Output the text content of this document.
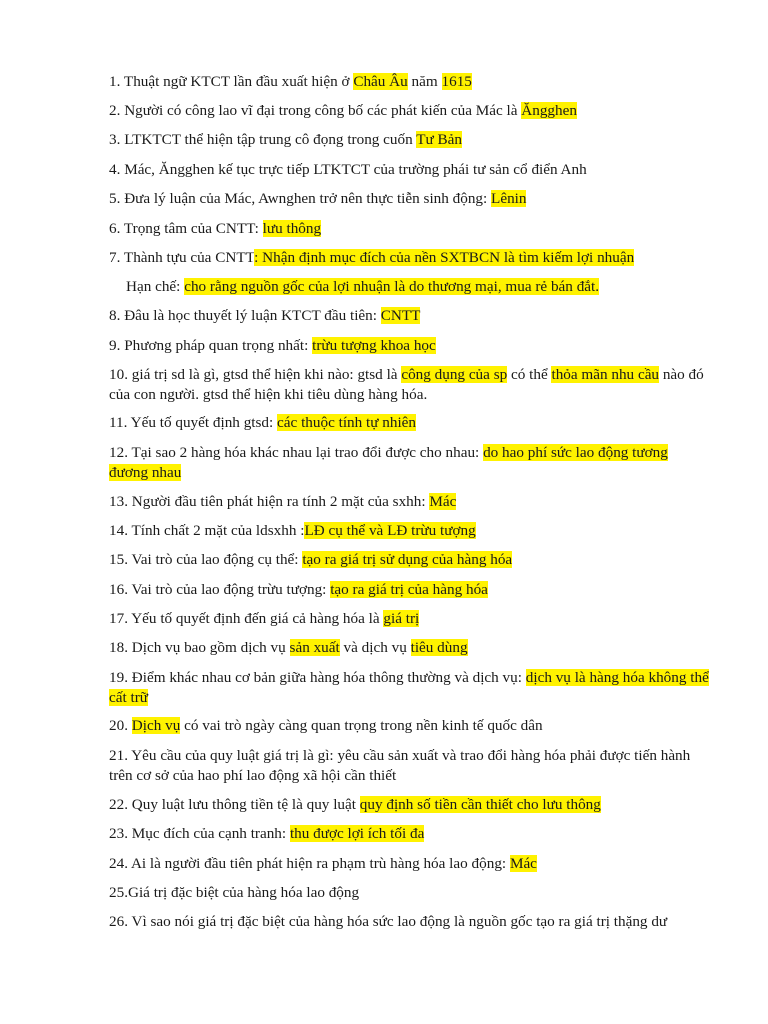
1. Thuật ngữ KTCT lần đầu xuất hiện ở Châu Âu năm 1615
2. Người có công lao vĩ đại trong công bố các phát kiến của Mác là Ăngghen
3. LTKTCT thể hiện tập trung cô đọng trong cuốn Tư Bản
4. Mác, Ăngghen kế tục trực tiếp LTKTCT của trường phái tư sản cổ điển Anh
5. Đưa lý luận của Mác, Awnghen trở nên thực tiễn sinh động: Lênin
6. Trọng tâm của CNTT: lưu thông
7. Thành tựu của CNTT: Nhận định mục đích của nền SXTBCN là tìm kiếm lợi nhuận
Hạn chế: cho rằng nguồn gốc của lợi nhuận là do thương mại, mua rẻ bán đắt.
8. Đâu là học thuyết lý luận KTCT đầu tiên: CNTT
9. Phương pháp quan trọng nhất: trừu tượng khoa học
10. giá trị sd là gì, gtsd thể hiện khi nào: gtsd là công dụng của sp có thể thỏa mãn nhu cầu nào đó của con người. gtsd thể hiện khi tiêu dùng hàng hóa.
11. Yếu tố quyết định gtsd: các thuộc tính tự nhiên
12. Tại sao 2 hàng hóa khác nhau lại trao đổi được cho nhau: do hao phí sức lao động tương đương nhau
13. Người đầu tiên phát hiện ra tính 2 mặt của sxhh: Mác
14. Tính chất 2 mặt của ldsxhh :LĐ cụ thể và LĐ trừu tượng
15. Vai trò của lao động cụ thể: tạo ra giá trị sử dụng của hàng hóa
16. Vai trò của lao động trừu tượng: tạo ra giá trị của hàng hóa
17. Yếu tố quyết định đến giá cả hàng hóa là giá trị
18. Dịch vụ bao gồm dịch vụ sản xuất và dịch vụ tiêu dùng
19. Điểm khác nhau cơ bản giữa hàng hóa thông thường và dịch vụ: dịch vụ là hàng hóa không thể cất trữ
20. Dịch vụ có vai trò ngày càng quan trọng trong nền kinh tế quốc dân
21. Yêu cầu của quy luật giá trị là gì: yêu cầu sản xuất và trao đổi hàng hóa phải được tiến hành trên cơ sở của hao phí lao động xã hội cần thiết
22. Quy luật lưu thông tiền tệ là quy luật quy định số tiền cần thiết cho lưu thông
23. Mục đích của cạnh tranh: thu được lợi ích tối đa
24. Ai là người đầu tiên phát hiện ra phạm trù hàng hóa lao động: Mác
25.Giá trị đặc biệt của hàng hóa lao động
26. Vì sao nói giá trị đặc biệt của hàng hóa sức lao động là nguồn gốc tạo ra giá trị thặng dư
